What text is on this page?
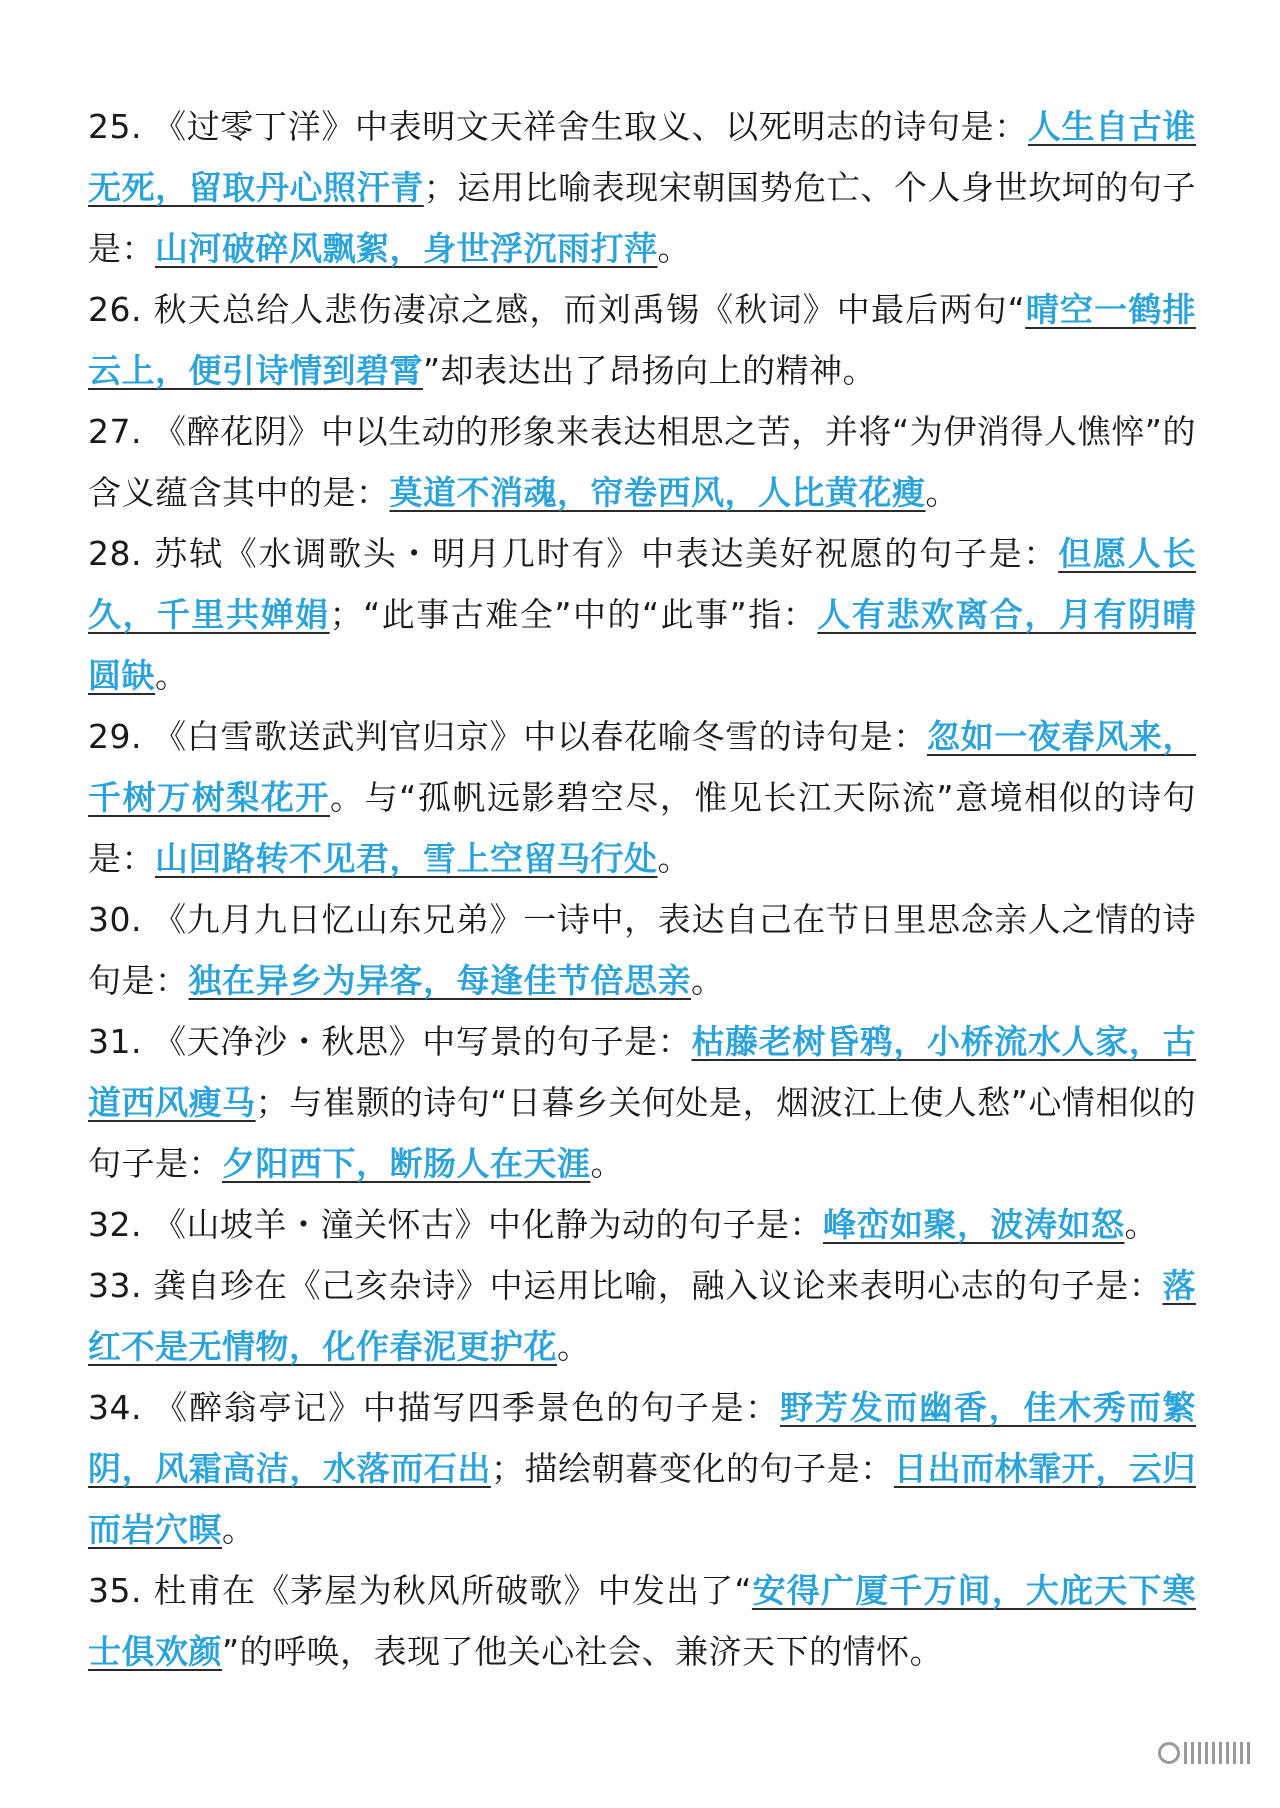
25. 《过零丁洋》中表明文天祥舍生取义、以死明志的诗句是：人生自古谁无死，留取丹心照汗青；运用比喻表现宋朝国势危亡、个人身世坎坷的句子是：山河破碎风飘絮，身世浮沉雨打萍。

26. 秋天总给人悲伤凄凉之感，而刘禹锡《秋词》中最后两句“晴空一鹤排云上，便引诗情到碧霄”却表达出了昂扬向上的精神。

27. 《醉花阴》中以生动的形象来表达相思之苦，并将“为伊消得人憔悴”的含义蕴含其中的是：莫道不消魂，帘卷西风，人比黄花瘦。

28. 苏轼《水调歌头・明月几时有》中表达美好祝愿的句子是：但愿人长久，千里共婵娟；“此事古难全”中的“此事”指：人有悲欢离合，月有阴晴圆缺。

29. 《白雪歌送武判官归京》中以春花喻冬雪的诗句是：忽如一夜春风来，千树万树梨花开。与“孤帆远影碧空尽，惟见长江天际流”意境相似的诗句是：山回路转不见君，雪上空留马行处。

30. 《九月九日忆山东兄弟》一诗中，表达自己在节日里思念亲人之情的诗句是：独在异乡为异客，每逢佳节倍思亲。

31. 《天净沙・秋思》中写景的句子是：枯藤老树昏鸦，小桥流水人家，古道西风瘦马；与崔颢的诗句“日暮乡关何处是，烟波江上使人愁”心情相似的句子是：夕阳西下，断肠人在天涯。

32. 《山坡羊・潼关怀古》中化静为动的句子是：峰峦如聚，波涛如怒。

33. 龚自珍在《己亥杂诗》中运用比喻，融入议论来表明心志的句子是：落红不是无情物，化作春泥更护花。

34. 《醉翁亭记》中描写四季景色的句子是：野芳发而幽香，佳木秀而繁阴，风霜高洁，水落而石出；描绘朝暮变化的句子是：日出而林霏开，云归而岩穴暝。

35. 杜甫在《茅屋为秋风所破歌》中发出了“安得广厦千万间，大庇天下寒士俱欢颜”的呼唤，表现了他关心社会、兼济天下的情怀。
